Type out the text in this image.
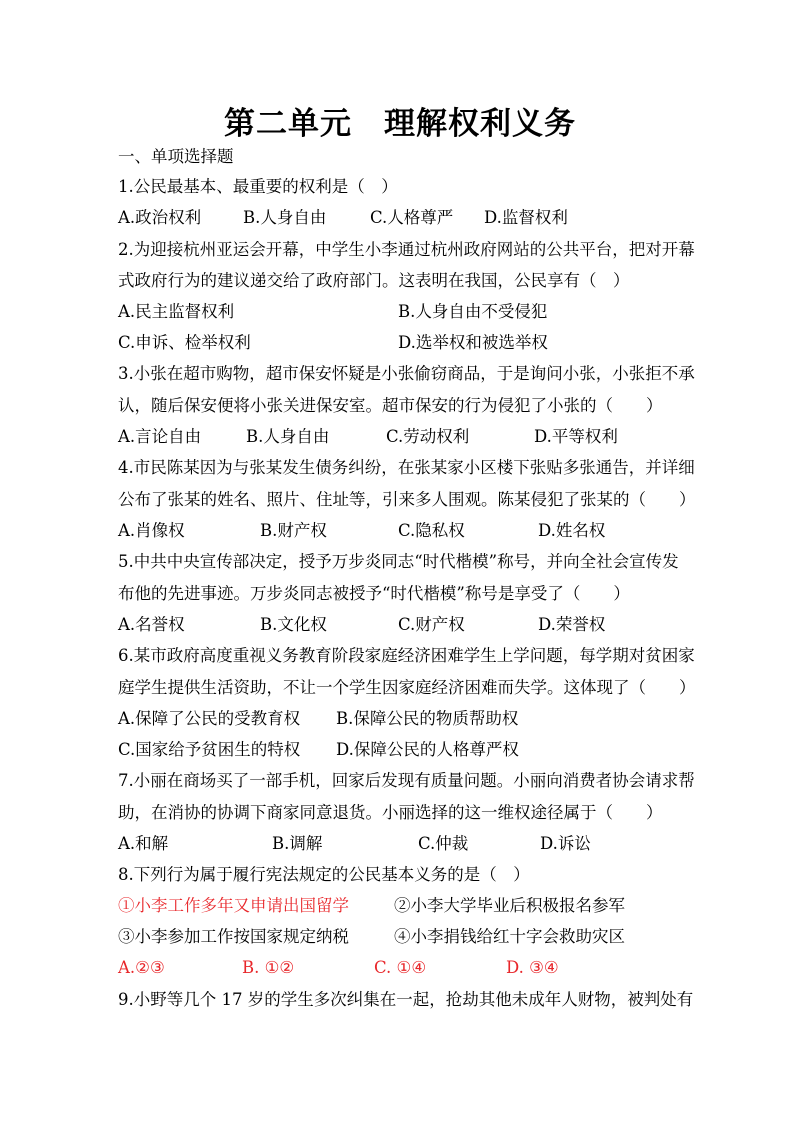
第二单元　理解权利义务
一、单项选择题
1.公民最基本、最重要的权利是（　）
A.政治权利	B.人身自由	C.人格尊严 D.监督权利
2.为迎接杭州亚运会开幕，中学生小李通过杭州政府网站的公共平台，把对开幕
式政府行为的建议递交给了政府部门。这表明在我国，公民享有（　）
A.民主监督权利	B.人身自由不受侵犯
C.申诉、检举权利	D.选举权和被选举权
3.小张在超市购物，超市保安怀疑是小张偷窃商品，于是询问小张，小张拒不承
认，随后保安便将小张关进保安室。超市保安的行为侵犯了小张的（　　）
A.言论自由	B.人身自由	C.劳动权利	D.平等权利
4.市民陈某因为与张某发生债务纠纷，在张某家小区楼下张贴多张通告，并详细
公布了张某的姓名、照片、住址等，引来多人围观。陈某侵犯了张某的（　　）
A.肖像权	B.财产权	C.隐私权	D.姓名权
5.中共中央宣传部决定，授予万步炎同志“时代楷模”称号，并向全社会宣传发
布他的先进事迹。万步炎同志被授予“时代楷模”称号是享受了（　　）
A.名誉权	B.文化权	C.财产权	D.荣誉权
6.某市政府高度重视义务教育阶段家庭经济困难学生上学问题，每学期对贫困家
庭学生提供生活资助，不让一个学生因家庭经济困难而失学。这体现了（　　）
A.保障了公民的受教育权 B.保障公民的物质帮助权
C.国家给予贫困生的特权 D.保障公民的人格尊严权
7.小丽在商场买了一部手机，回家后发现有质量问题。小丽向消费者协会请求帮
助，在消协的协调下商家同意退货。小丽选择的这一维权途径属于（　　）
A.和解	B.调解	C.仲裁	D.诉讼
8.下列行为属于履行宪法规定的公民基本义务的是（　）
①小李工作多年又申请出国留学	②小李大学毕业后积极报名参军
③小李参加工作按国家规定纳税	④小李捐钱给红十字会救助灾区
A.②③	B. ①②	C. ①④	D. ③④
9.小野等几个 17 岁的学生多次纠集在一起，抢劫其他未成年人财物，被判处有
